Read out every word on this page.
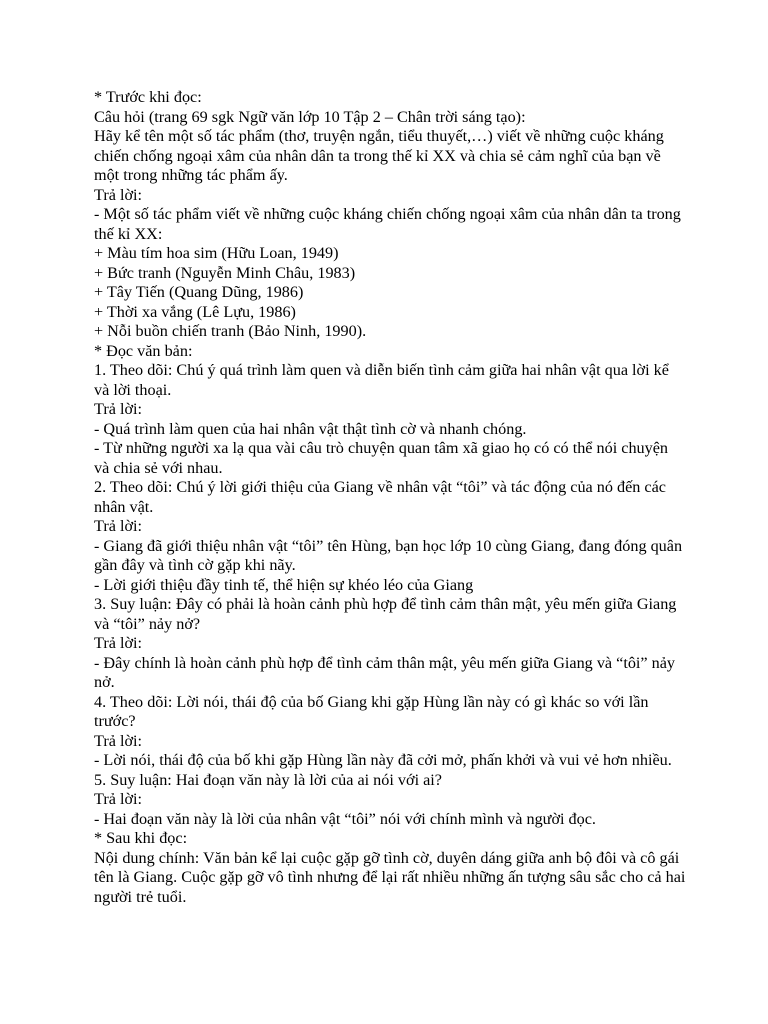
* Trước khi đọc:

Câu hỏi (trang 69 sgk Ngữ văn lớp 10 Tập 2 – Chân trời sáng tạo):

Hãy kể tên một số tác phẩm (thơ, truyện ngắn, tiểu thuyết,…) viết về những cuộc kháng chiến chống ngoại xâm của nhân dân ta trong thế kỉ XX và chia sẻ cảm nghĩ của bạn về một trong những tác phẩm ấy.

Trả lời:

- Một số tác phẩm viết về những cuộc kháng chiến chống ngoại xâm của nhân dân ta trong thế kỉ XX:

+ Màu tím hoa sim (Hữu Loan, 1949)

+ Bức tranh (Nguyễn Minh Châu, 1983)

+ Tây Tiến (Quang Dũng, 1986)

+ Thời xa vắng (Lê Lựu, 1986)

+ Nỗi buồn chiến tranh (Bảo Ninh, 1990).

* Đọc văn bản:

1. Theo dõi: Chú ý quá trình làm quen và diễn biến tình cảm giữa hai nhân vật qua lời kể và lời thoại.

Trả lời:

- Quá trình làm quen của hai nhân vật thật tình cờ và nhanh chóng.

- Từ những người xa lạ qua vài câu trò chuyện quan tâm xã giao họ có có thể nói chuyện và chia sẻ với nhau.

2. Theo dõi: Chú ý lời giới thiệu của Giang về nhân vật “tôi” và tác động của nó đến các nhân vật.

Trả lời:

- Giang đã giới thiệu nhân vật “tôi” tên Hùng, bạn học lớp 10 cùng Giang, đang đóng quân gần đây và tình cờ gặp khi nãy.

- Lời giới thiệu đầy tinh tế, thể hiện sự khéo léo của Giang

3. Suy luận: Đây có phải là hoàn cảnh phù hợp để tình cảm thân mật, yêu mến giữa Giang và “tôi” nảy nở?

Trả lời:

- Đây chính là hoàn cảnh phù hợp để tình cảm thân mật, yêu mến giữa Giang và “tôi” nảy nở.

4. Theo dõi: Lời nói, thái độ của bố Giang khi gặp Hùng lần này có gì khác so với lần trước?

Trả lời:

- Lời nói, thái độ của bố khi gặp Hùng lần này đã cởi mở, phấn khởi và vui vẻ hơn nhiều.

5. Suy luận: Hai đoạn văn này là lời của ai nói với ai?

Trả lời:

- Hai đoạn văn này là lời của nhân vật “tôi” nói với chính mình và người đọc.

* Sau khi đọc:

Nội dung chính: Văn bản kể lại cuộc gặp gỡ tình cờ, duyên dáng giữa anh bộ đôi và cô gái tên là Giang. Cuộc gặp gỡ vô tình nhưng để lại rất nhiều những ấn tượng sâu sắc cho cả hai người trẻ tuổi.
